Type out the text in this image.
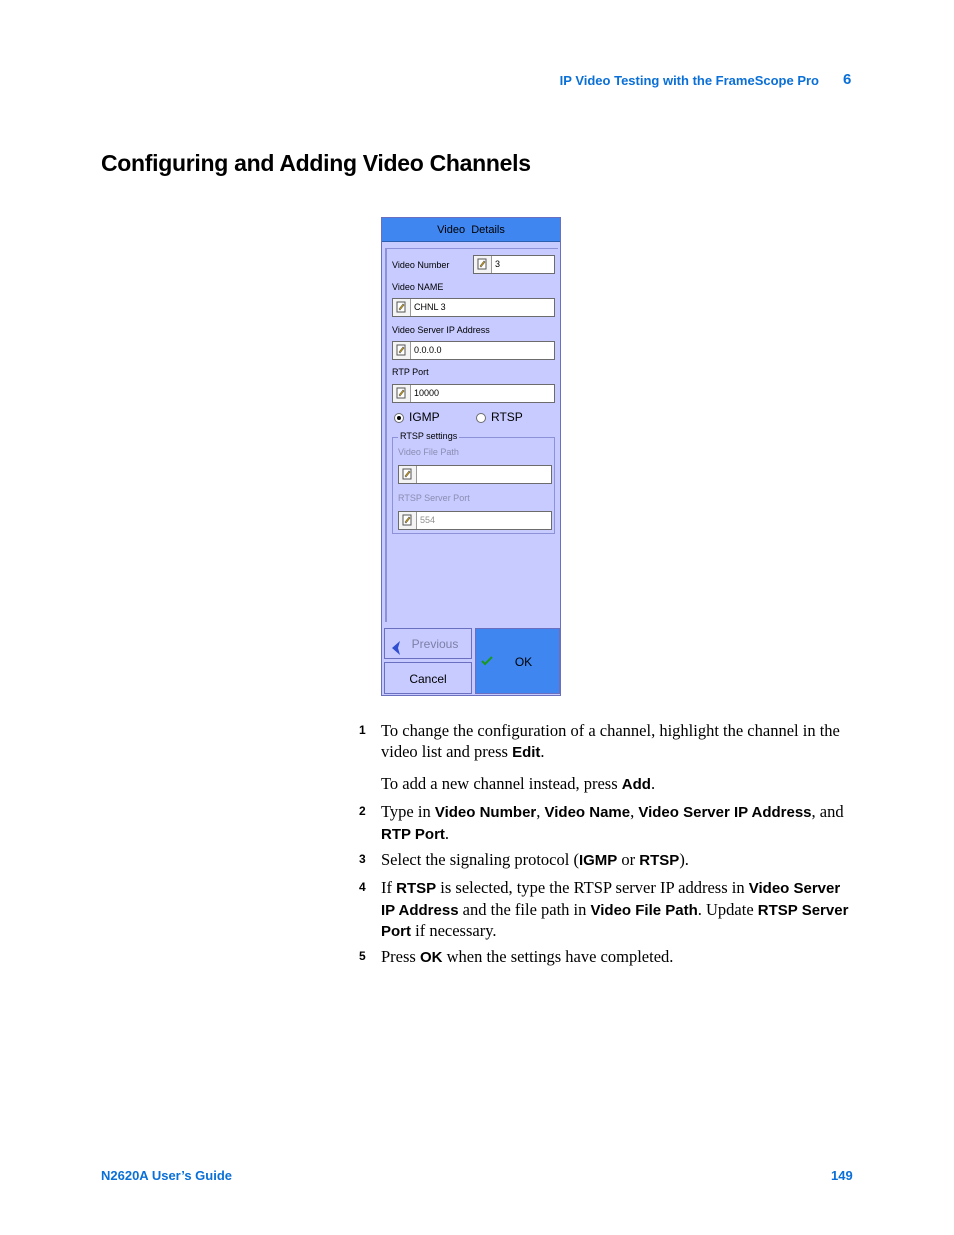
IP Video Testing with the FrameScope Pro 6
Configuring and Adding Video Channels
Video  Details
Video Number	3
Video NAME
CHNL 3
Video Server IP Address
0.0.0.0
RTP Port
10000
IGMP	RTSP
RTSP settings
Video File Path
RTSP Server Port
554
Previous
Cancel
OK
1 To change the configuration of a channel, highlight the channel in the video list and press Edit.
To add a new channel instead, press Add.
2 Type in Video Number, Video Name, Video Server IP Address, and RTP Port.
3 Select the signaling protocol (IGMP or RTSP).
4 If RTSP is selected, type the RTSP server IP address in Video Server IP Address and the file path in Video File Path. Update RTSP Server Port if necessary.
5 Press OK when the settings have completed.
N2620A User’s Guide	149
